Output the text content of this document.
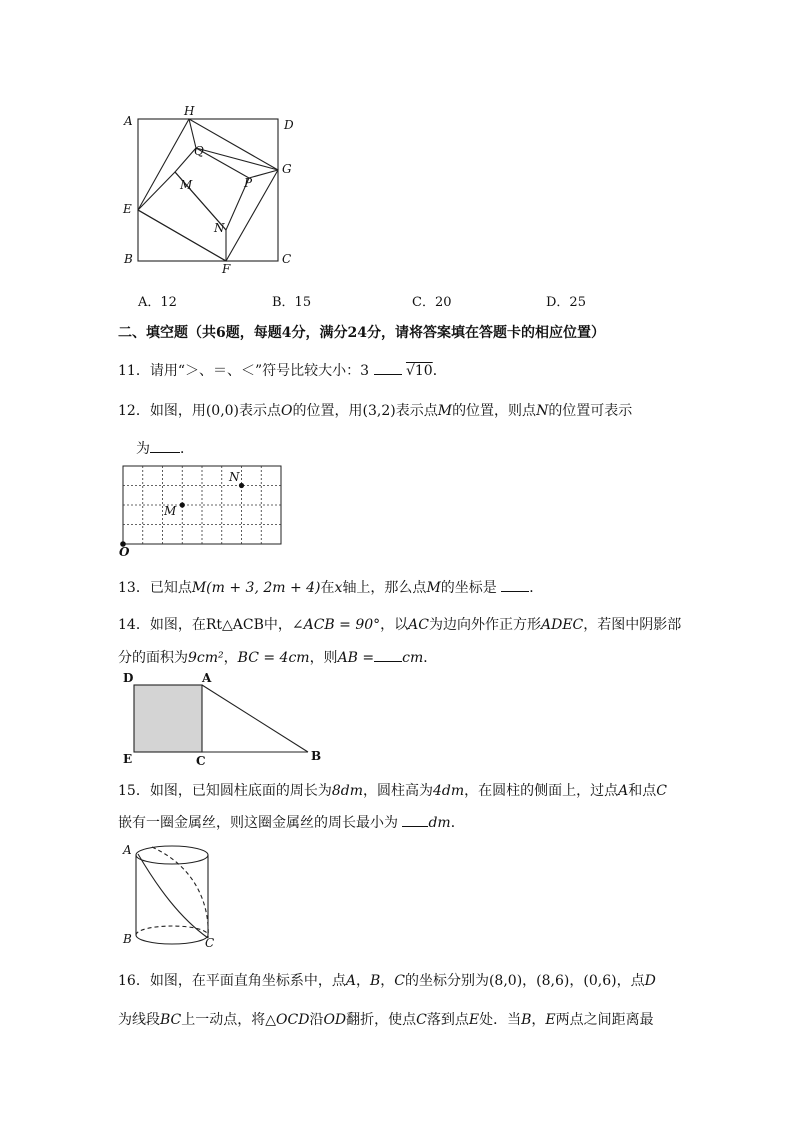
A
H
D
Q
G
M	P
E
N
B
F
C
A．12	B．15	C．20	D．25
二、填空题（共6题，每题4分，满分24分，请将答案填在答题卡的相应位置）
11．请用“＞、＝、＜”符号比较大小：3	√10．
12．如图，用(0,0)表示点O的位置，用(3,2)表示点M的位置，则点N的位置可表示
为 ．
N
M
O
13．已知点M(m + 3, 2m + 4)在x轴上，那么点M的坐标是 ．
14．如图，在Rt△ACB中，∠ACB = 90°，以AC为边向外作正方形ADEC，若图中阴影部
分的面积为9cm²，BC = 4cm，则AB = cm．
D	A
E	C	B
15．如图，已知圆柱底面的周长为8dm，圆柱高为4dm，在圆柱的侧面上，过点A和点C
嵌有一圈金属丝，则这圈金属丝的周长最小为 dm．
A
B	C
16．如图，在平面直角坐标系中，点A，B，C的坐标分别为(8,0)，(8,6)，(0,6)，点D
为线段BC上一动点，将△OCD沿OD翻折，使点C落到点E处．当B，E两点之间距离最
